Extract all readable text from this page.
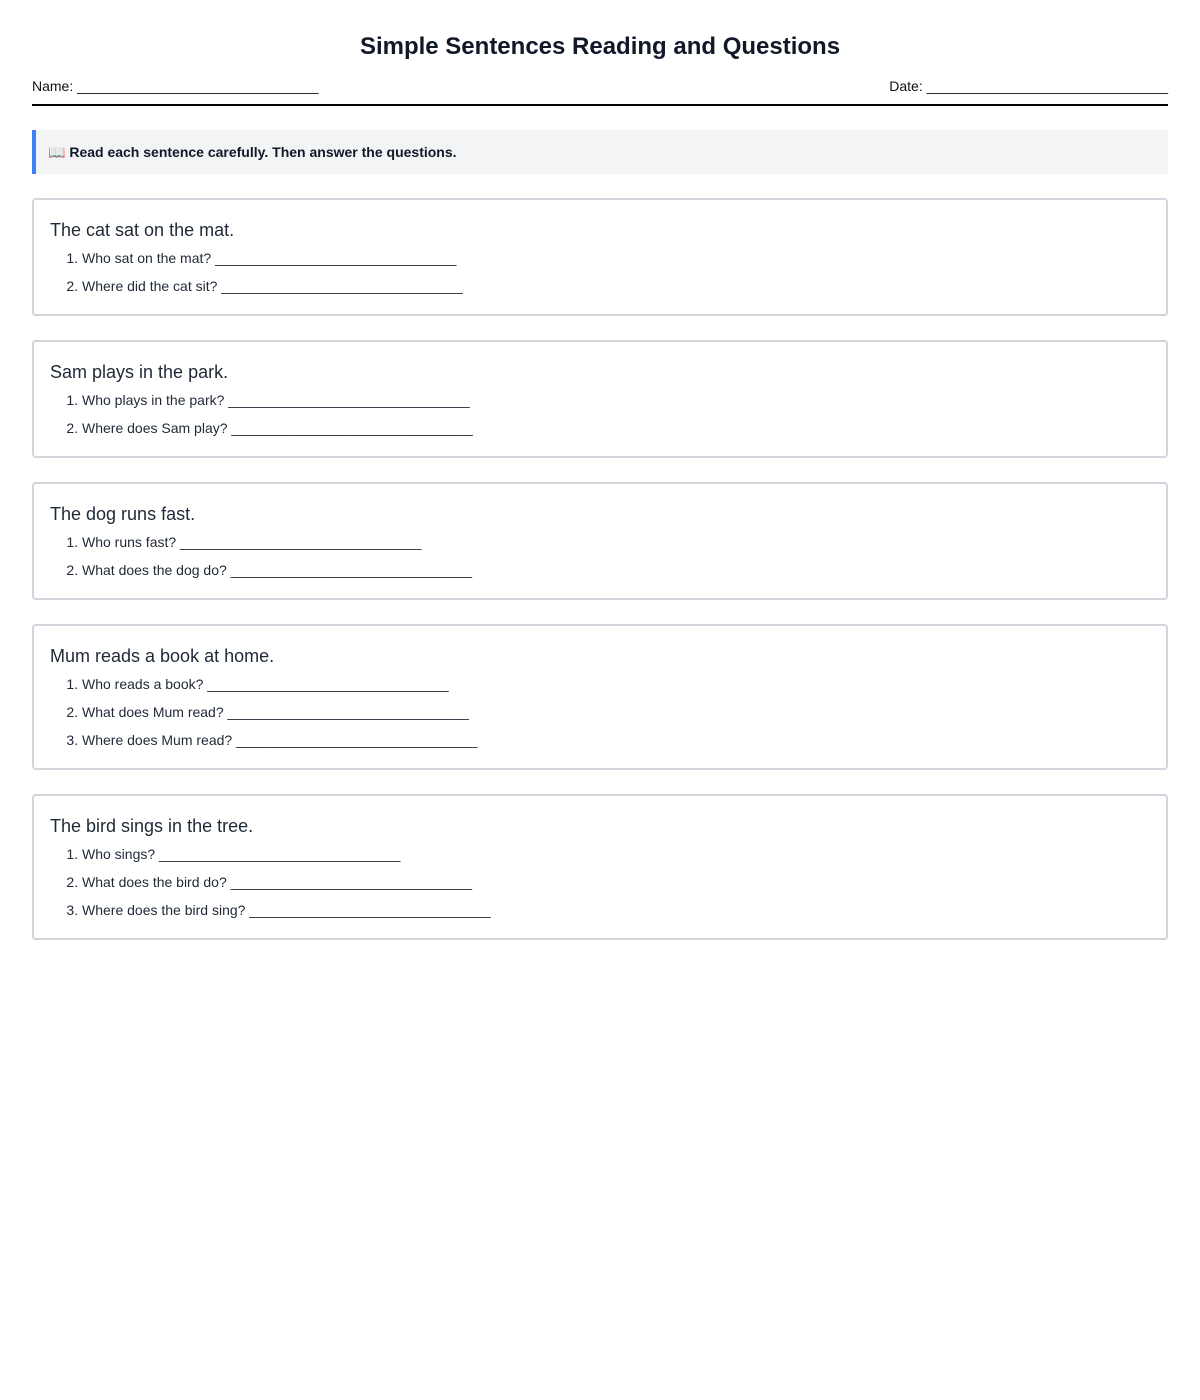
Simple Sentences Reading and Questions
Name: _______________________________	Date: _______________________________
📖 Read each sentence carefully. Then answer the questions.

The cat sat on the mat.

1. Who sat on the mat? _______________________________
2. Where did the cat sit? _______________________________

Sam plays in the park.

1. Who plays in the park? _______________________________
2. Where does Sam play? _______________________________

The dog runs fast.

1. Who runs fast? _______________________________
2. What does the dog do? _______________________________

Mum reads a book at home.

1. Who reads a book? _______________________________
2. What does Mum read? _______________________________
3. Where does Mum read? _______________________________

The bird sings in the tree.

1. Who sings? _______________________________
2. What does the bird do? _______________________________
3. Where does the bird sing? _______________________________
